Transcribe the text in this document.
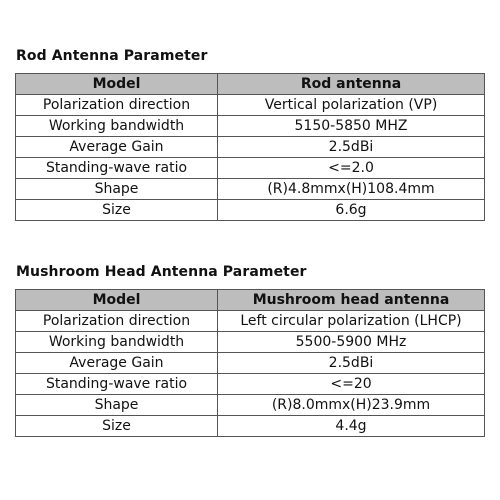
Rod Antenna Parameter
Model	Rod antenna
Polarization direction	Vertical polarization (VP)
Working bandwidth	5150-5850 MHZ
Average Gain	2.5dBi
Standing-wave ratio	<=2.0
Shape	(R)4.8mmx(H)108.4mm
Size	6.6g
Mushroom Head Antenna Parameter
Model	Mushroom head antenna
Polarization direction	Left circular polarization (LHCP)
Working bandwidth	5500-5900 MHz
Average Gain	2.5dBi
Standing-wave ratio	<=20
Shape	(R)8.0mmx(H)23.9mm
Size	4.4g
